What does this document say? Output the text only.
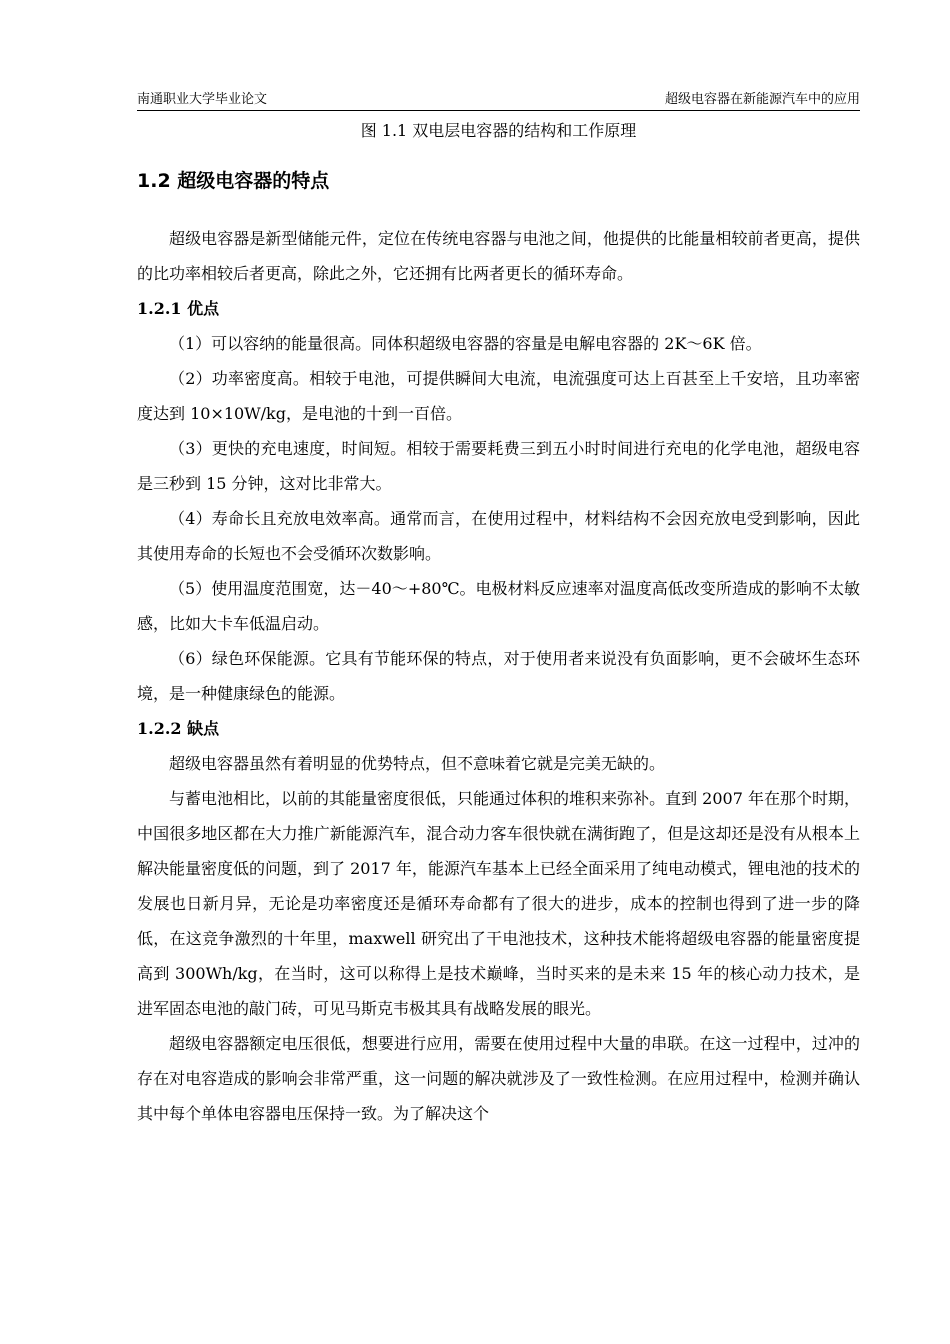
南通职业大学毕业论文	超级电容器在新能源汽车中的应用
图 1.1 双电层电容器的结构和工作原理
1.2 超级电容器的特点

超级电容器是新型储能元件，定位在传统电容器与电池之间，他提供的比能量相较前者更高，提供的比功率相较后者更高，除此之外，它还拥有比两者更长的循环寿命。

1.2.1 优点

（1）可以容纳的能量很高。同体积超级电容器的容量是电解电容器的 2K～6K 倍。

（2）功率密度高。相较于电池，可提供瞬间大电流，电流强度可达上百甚至上千安培，且功率密度达到 10×10W/kg，是电池的十到一百倍。

（3）更快的充电速度，时间短。相较于需要耗费三到五小时时间进行充电的化学电池，超级电容是三秒到 15 分钟，这对比非常大。

（4）寿命长且充放电效率高。通常而言，在使用过程中，材料结构不会因充放电受到影响，因此其使用寿命的长短也不会受循环次数影响。

（5）使用温度范围宽，达－40～+80℃。电极材料反应速率对温度高低改变所造成的影响不太敏感，比如大卡车低温启动。

（6）绿色环保能源。它具有节能环保的特点，对于使用者来说没有负面影响，更不会破坏生态环境，是一种健康绿色的能源。

1.2.2 缺点

超级电容器虽然有着明显的优势特点，但不意味着它就是完美无缺的。

与蓄电池相比，以前的其能量密度很低，只能通过体积的堆积来弥补。直到 2007 年在那个时期，中国很多地区都在大力推广新能源汽车，混合动力客车很快就在满街跑了，但是这却还是没有从根本上解决能量密度低的问题，到了 2017 年，能源汽车基本上已经全面采用了纯电动模式，锂电池的技术的发展也日新月异，无论是功率密度还是循环寿命都有了很大的进步，成本的控制也得到了进一步的降低，在这竞争激烈的十年里，maxwell 研究出了干电池技术，这种技术能将超级电容器的能量密度提高到 300Wh/kg，在当时，这可以称得上是技术巅峰，当时买来的是未来 15 年的核心动力技术，是进军固态电池的敲门砖，可见马斯克韦极其具有战略发展的眼光。

超级电容器额定电压很低，想要进行应用，需要在使用过程中大量的串联。在这一过程中，过冲的存在对电容造成的影响会非常严重，这一问题的解决就涉及了一致性检测。在应用过程中，检测并确认其中每个单体电容器电压保持一致。为了解决这个
